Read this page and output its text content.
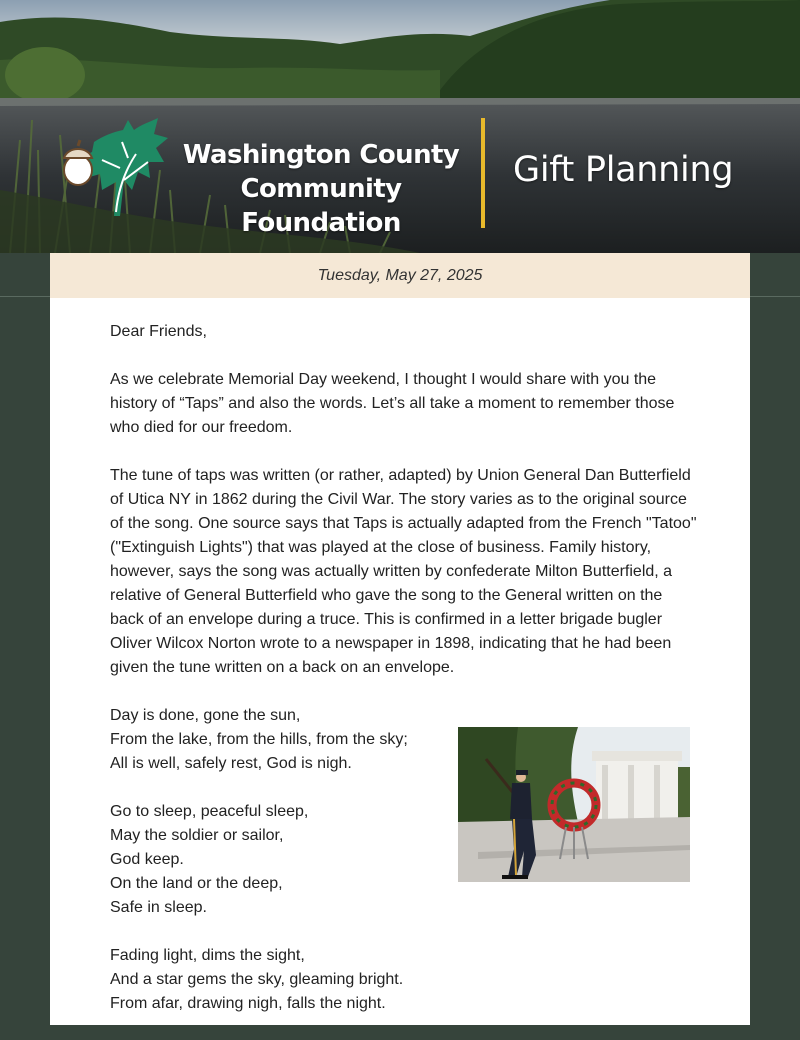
Washington County
Community Foundation
Gift Planning
Tuesday, May 27, 2025

Dear Friends,

As we celebrate Memorial Day weekend, I thought I would share with you the history of “Taps” and also the words. Let’s all take a moment to remember those who died for our freedom.

The tune of taps was written (or rather, adapted) by Union General Dan Butterfield of Utica NY in 1862 during the Civil War. The story varies as to the original source of the song. One source says that Taps is actually adapted from the French "Tatoo" ("Extinguish Lights") that was played at the close of business. Family history, however, says the song was actually written by confederate Milton Butterfield, a relative of General Butterfield who gave the song to the General written on the back of an envelope during a truce. This is confirmed in a letter brigade bugler Oliver Wilcox Norton wrote to a newspaper in 1898, indicating that he had been given the tune written on a back on an envelope.

Day is done, gone the sun,
From the lake, from the hills, from the sky;
All is well, safely rest, God is nigh.
Go to sleep, peaceful sleep,
May the soldier or sailor,
God keep.
On the land or the deep,
Safe in sleep.
Fading light, dims the sight,
And a star gems the sky, gleaming bright.
From afar, drawing nigh, falls the night.
